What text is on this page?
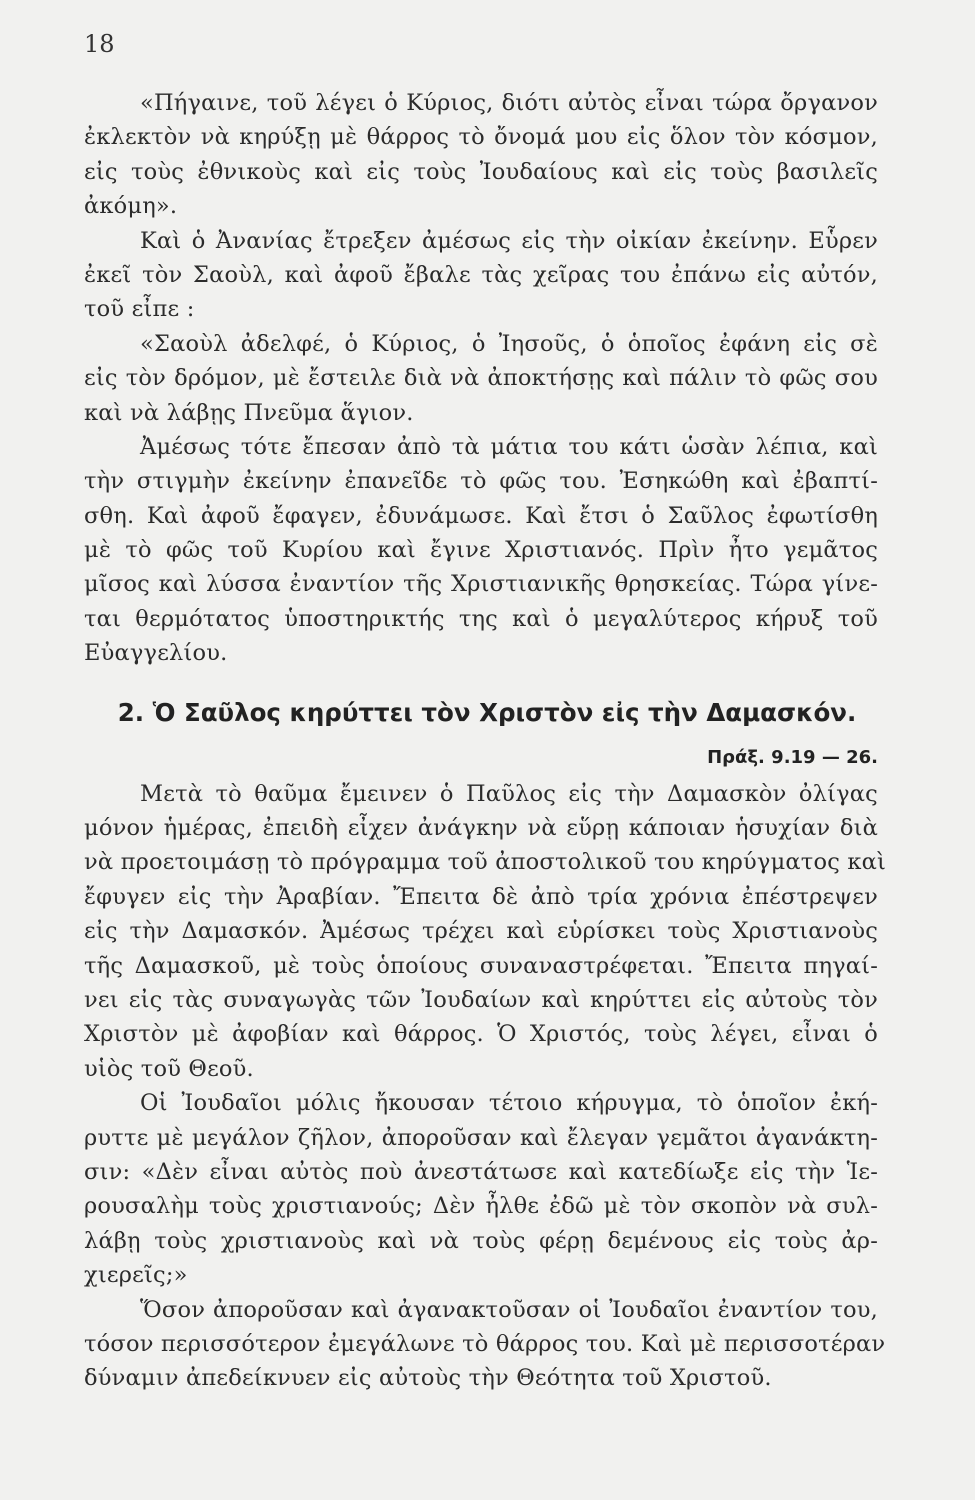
18
«Πήγαινε, τοῦ λέγει ὁ Κύριος, διότι αὐτὸς εἶναι τώρα ὄργανον
ἐκλεκτὸν νὰ κηρύξῃ μὲ θάρρος τὸ ὄνομά μου εἰς ὅλον τὸν κόσμον,
εἰς τοὺς ἐθνικοὺς καὶ εἰς τοὺς Ἰουδαίους καὶ εἰς τοὺς βασιλεῖς
ἀκόμη».
Καὶ ὁ Ἀνανίας ἔτρεξεν ἀμέσως εἰς τὴν οἰκίαν ἐκείνην. Εὗρεν
ἐκεῖ τὸν Σαοὺλ, καὶ ἀφοῦ ἔβαλε τὰς χεῖρας του ἐπάνω εἰς αὐτόν,
τοῦ εἶπε :
«Σαοὺλ ἀδελφέ, ὁ Κύριος, ὁ Ἰησοῦς, ὁ ὁποῖος ἐφάνη εἰς σὲ
εἰς τὸν δρόμον, μὲ ἔστειλε διὰ νὰ ἀποκτήσῃς καὶ πάλιν τὸ φῶς σου
καὶ νὰ λάβῃς Πνεῦμα ἅγιον.
Ἀμέσως τότε ἔπεσαν ἀπὸ τὰ μάτια του κάτι ὡσὰν λέπια, καὶ
τὴν στιγμὴν ἐκείνην ἐπανεῖδε τὸ φῶς του. Ἐσηκώθη καὶ ἐβαπτί-
σθη. Καὶ ἀφοῦ ἔφαγεν, ἐδυνάμωσε. Καὶ ἔτσι ὁ Σαῦλος ἐφωτίσθη
μὲ τὸ φῶς τοῦ Κυρίου καὶ ἔγινε Χριστιανός. Πρὶν ἦτο γεμᾶτος
μῖσος καὶ λύσσα ἐναντίον τῆς Χριστιανικῆς θρησκείας. Τώρα γίνε-
ται θερμότατος ὑποστηρικτής της καὶ ὁ μεγαλύτερος κήρυξ τοῦ
Εὐαγγελίου.
2. Ὁ Σαῦλος κηρύττει τὸν Χριστὸν εἰς τὴν Δαμασκόν.
Πράξ. 9.19 — 26.
Μετὰ τὸ θαῦμα ἔμεινεν ὁ Παῦλος εἰς τὴν Δαμασκὸν ὀλίγας
μόνον ἡμέρας, ἐπειδὴ εἶχεν ἀνάγκην νὰ εὕρῃ κάποιαν ἡσυχίαν διὰ
νὰ προετοιμάσῃ τὸ πρόγραμμα τοῦ ἀποστολικοῦ του κηρύγματος καὶ
ἔφυγεν εἰς τὴν Ἀραβίαν. Ἔπειτα δὲ ἀπὸ τρία χρόνια ἐπέστρεψεν
εἰς τὴν Δαμασκόν. Ἀμέσως τρέχει καὶ εὑρίσκει τοὺς Χριστιανοὺς
τῆς Δαμασκοῦ, μὲ τοὺς ὁποίους συναναστρέφεται. Ἔπειτα πηγαί-
νει εἰς τὰς συναγωγὰς τῶν Ἰουδαίων καὶ κηρύττει εἰς αὐτοὺς τὸν
Χριστὸν μὲ ἀφοβίαν καὶ θάρρος. Ὁ Χριστός, τοὺς λέγει, εἶναι ὁ
υἱὸς τοῦ Θεοῦ.
Οἱ Ἰουδαῖοι μόλις ἤκουσαν τέτοιο κήρυγμα, τὸ ὁποῖον ἐκή-
ρυττε μὲ μεγάλον ζῆλον, ἀποροῦσαν καὶ ἔλεγαν γεμᾶτοι ἀγανάκτη-
σιν: «Δὲν εἶναι αὐτὸς ποὺ ἀνεστάτωσε καὶ κατεδίωξε εἰς τὴν Ἱε-
ρουσαλὴμ τοὺς χριστιανούς; Δὲν ἦλθε ἐδῶ μὲ τὸν σκοπὸν νὰ συλ-
λάβῃ τοὺς χριστιανοὺς καὶ νὰ τοὺς φέρῃ δεμένους εἰς τοὺς ἀρ-
χιερεῖς;»
Ὅσον ἀποροῦσαν καὶ ἀγανακτοῦσαν οἱ Ἰουδαῖοι ἐναντίον του,
τόσον περισσότερον ἐμεγάλωνε τὸ θάρρος του. Καὶ μὲ περισσοτέραν
δύναμιν ἀπεδείκνυεν εἰς αὐτοὺς τὴν Θεότητα τοῦ Χριστοῦ.
